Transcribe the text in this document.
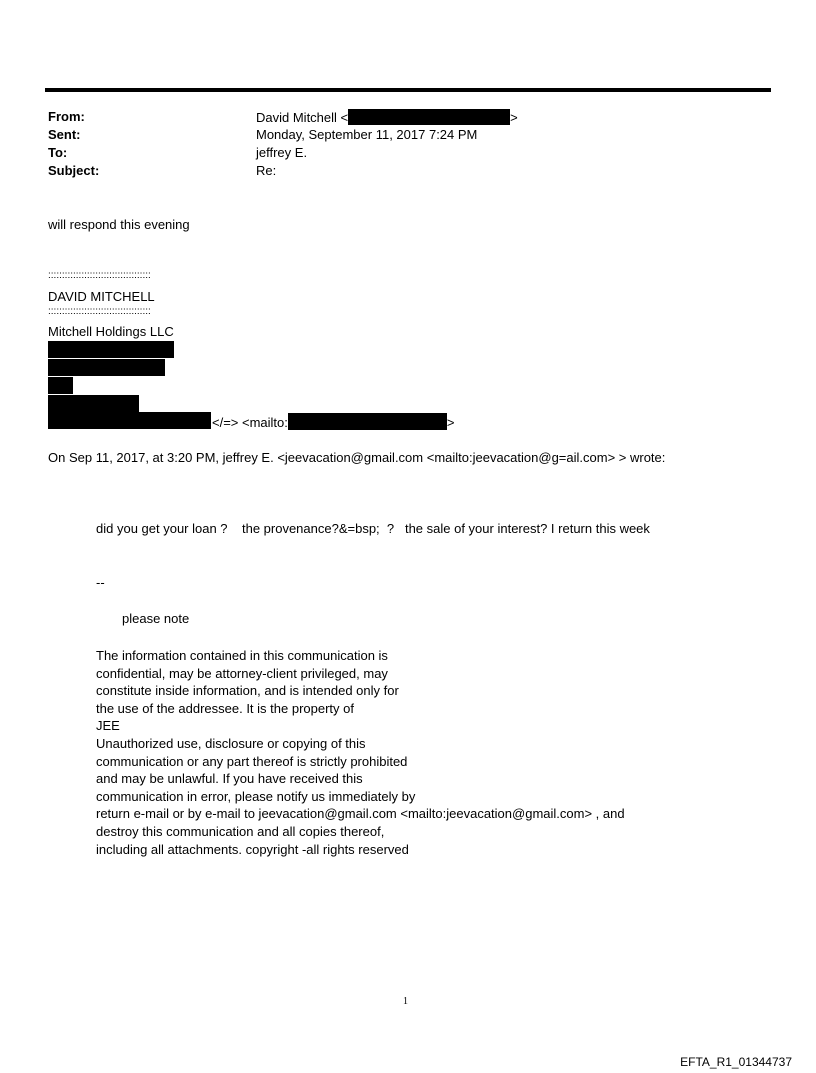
From:	David Mitchell <	>
Sent:	Monday, September 11, 2017 7:24 PM
To:	jeffrey E.
Subject:	Re:
will respond this evening
:::::::::::::::::::::::::::::::::::::
DAVID MITCHELL
:::::::::::::::::::::::::::::::::::::
Mitchell Holdings LLC
</=> <mailto:	>
On Sep 11, 2017, at 3:20 PM, jeffrey E. <jeevacation@gmail.com <mailto:jeevacation@g=ail.com> > wrote:
did you get your loan ?    the provenance?&=bsp;  ?   the sale of your interest? I return this week
--
please note
The information contained in this communication is
confidential, may be attorney-client privileged, may
constitute inside information, and is intended only for
the use of the addressee. It is the property of
JEE
Unauthorized use, disclosure or copying of this
communication or any part thereof is strictly prohibited
and may be unlawful. If you have received this
communication in error, please notify us immediately by
return e-mail or by e-mail to jeevacation@gmail.com <mailto:jeevacation@gmail.com> , and
destroy this communication and all copies thereof,
including all attachments. copyright -all rights reserved
1
EFTA_R1_01344737
